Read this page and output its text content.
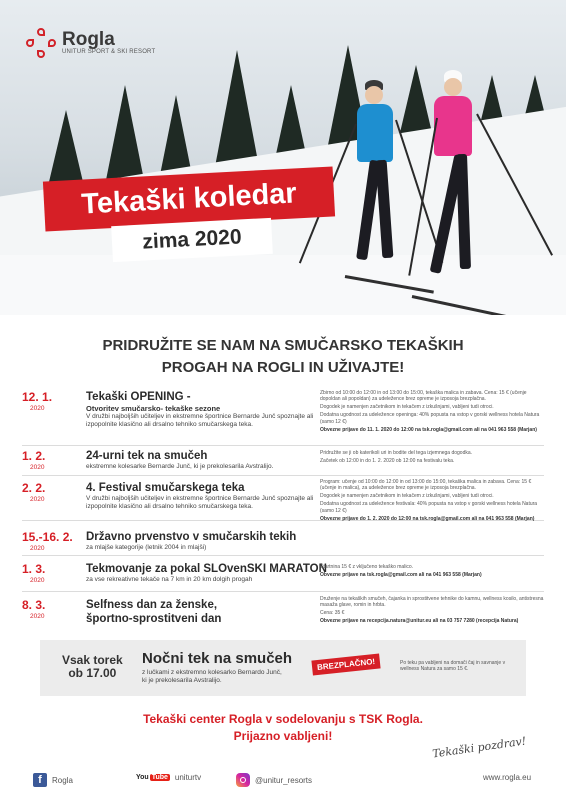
Rogla
UNITUR SPORT & SKI RESORT
Tekaški koledar
zima 2020
PRIDRUŽITE SE NAM NA SMUČARSKO TEKAŠKIH
PROGAH NA ROGLI IN UŽIVAJTE!
12. 1.
2020
Tekaški OPENING -
Otvoritev smučarsko- tekaške sezone
V družbi najboljših učiteljev in ekstremne športnice Bernarde Junč spoznajte ali izpopolnite klasično ali drsalno tehniko smučarskega teka.

Zbirno od 10:00 do 12:00 in od 13:00 do 15:00, tekaška malica in zabava. Cena: 15 € (učenje dopoldan ali popoldan) za udeležence brez opreme je izposoja brezplačna.

Dogodek je namenjen začetnikom in tekačem z izkušnjami, vabljeni tudi otroci.

Dodatna ugodnost za udeležence openinga: 40% popusta na vstop v gorski wellness hotela Natura (samo 12 €)

Obvezne prijave do 11. 1. 2020 do 12:00 na tsk.rogla@gmail.com ali na 041 963 558 (Marjan)

1. 2.
2020
24-urni tek na smučeh
ekstremne kolesarke Bernarde Junč, ki je prekolesarila Avstralijo.

Pridružite se ji ob katerikoli uri in bodite del tega izjemnega dogodka.

Začetek ob 12:00 in do 1. 2. 2020 ob 12:00 na festivalu teka.

2. 2.
2020
4. Festival smučarskega teka
V družbi najboljših učiteljev in ekstremne športnice Bernarde Junč spoznajte ali izpopolnite klasično ali drsalno tehniko smučarskega teka.

Program: učenje od 10:00 do 12:00 in od 13:00 do 15:00, tekaška malica in zabava. Cena: 15 € (učenje in malica), za udeležence brez opreme je izposoja brezplačna.

Dogodek je namenjen začetnikom in tekačem z izkušnjami, vabljeni tudi otroci.

Dodatna ugodnost za udeležence festivala: 40% popusta na vstop v gorski wellness hotela Natura (samo 12 €)

Obvezne prijave do 1. 2. 2020 do 12:00 na tsk.rogla@gmail.com ali na 041 963 558 (Marjan)

15.-16. 2.
2020
Državno prvenstvo v smučarskih tekih
za mlajše kategorije (letnik 2004 in mlajši)
1. 3.
2020
Tekmovanje za pokal SLOvenSKI MARATON
za vse rekreativne tekače na 7 km in 20 km dolgih progah

Štartnina 15 € z vključeno tekaško malico.

Obvezne prijave na tsk.rogla@gmail.com ali na 041 963 558 (Marjan)

8. 3.
2020
Selfness dan za ženske,
športno-sprostitveni dan

Druženje na tekaških smučeh, čajanka in sprostitvene tehnike do kamnu, wellness kosilo, antistresna masaža glave, romin in hrbta.

Cena: 35 €

Obvezne prijave na recepcija.natura@unitur.eu ali na 03 757 7280 (recepcija Natura)

Vsak torek
ob 17.00
Nočni tek na smučeh
z lučkami z ekstremno kolesarko Bernardo Junč, ki je prekolesarila Avstralijo.
BREZPLAČNO!	Po teku pa vabljeni na domači čaj in savnanje v wellness Natura za samo 15 €.
Tekaški center Rogla v sodelovanju s TSK Rogla.
Prijazno vabljeni!	Tekaški pozdrav!
f	Rogla	You Tube uniturtv	@unitur_resorts	www.rogla.eu
